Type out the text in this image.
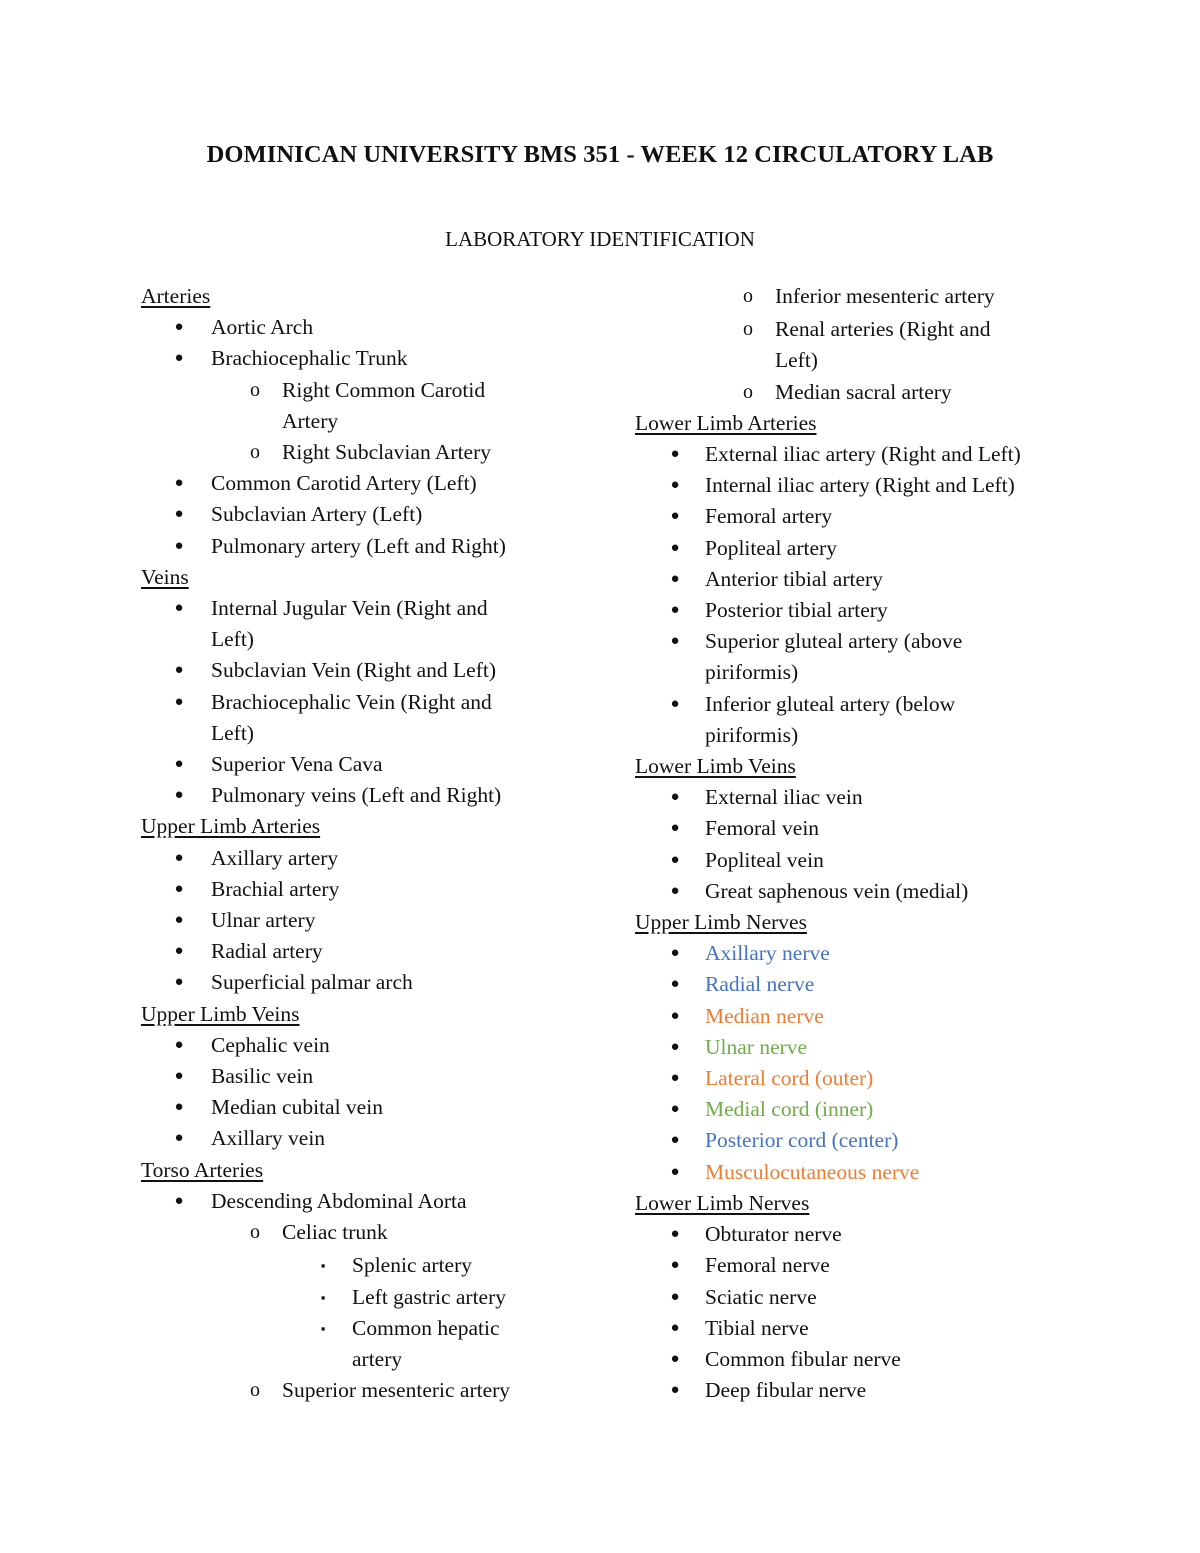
DOMINICAN UNIVERSITY BMS 351 - WEEK 12 CIRCULATORY LAB
LABORATORY IDENTIFICATION
Arteries
● Aortic Arch
● Brachiocephalic Trunk
o Right Common Carotid
Artery
o Right Subclavian Artery
● Common Carotid Artery (Left)
● Subclavian Artery (Left)
● Pulmonary artery (Left and Right)
Veins
● Internal Jugular Vein (Right and
Left)
● Subclavian Vein (Right and Left)
● Brachiocephalic Vein (Right and
Left)
● Superior Vena Cava
● Pulmonary veins (Left and Right)
Upper Limb Arteries
● Axillary artery
● Brachial artery
● Ulnar artery
● Radial artery
● Superficial palmar arch
Upper Limb Veins
● Cephalic vein
● Basilic vein
● Median cubital vein
● Axillary vein
Torso Arteries
● Descending Abdominal Aorta
o Celiac trunk
▪	Splenic artery
▪	Left gastric artery
▪	Common hepatic
artery
o Superior mesenteric artery
o Inferior mesenteric artery
o Renal arteries (Right and
Left)
o Median sacral artery
Lower Limb Arteries
● External iliac artery (Right and Left)
● Internal iliac artery (Right and Left)
● Femoral artery
● Popliteal artery
● Anterior tibial artery
● Posterior tibial artery
● Superior gluteal artery (above
piriformis)
● Inferior gluteal artery (below
piriformis)
Lower Limb Veins
● External iliac vein
● Femoral vein
● Popliteal vein
● Great saphenous vein (medial)
Upper Limb Nerves
● Axillary nerve
● Radial nerve
● Median nerve
● Ulnar nerve
● Lateral cord (outer)
● Medial cord (inner)
● Posterior cord (center)
● Musculocutaneous nerve
Lower Limb Nerves
● Obturator nerve
● Femoral nerve
● Sciatic nerve
● Tibial nerve
● Common fibular nerve
● Deep fibular nerve
